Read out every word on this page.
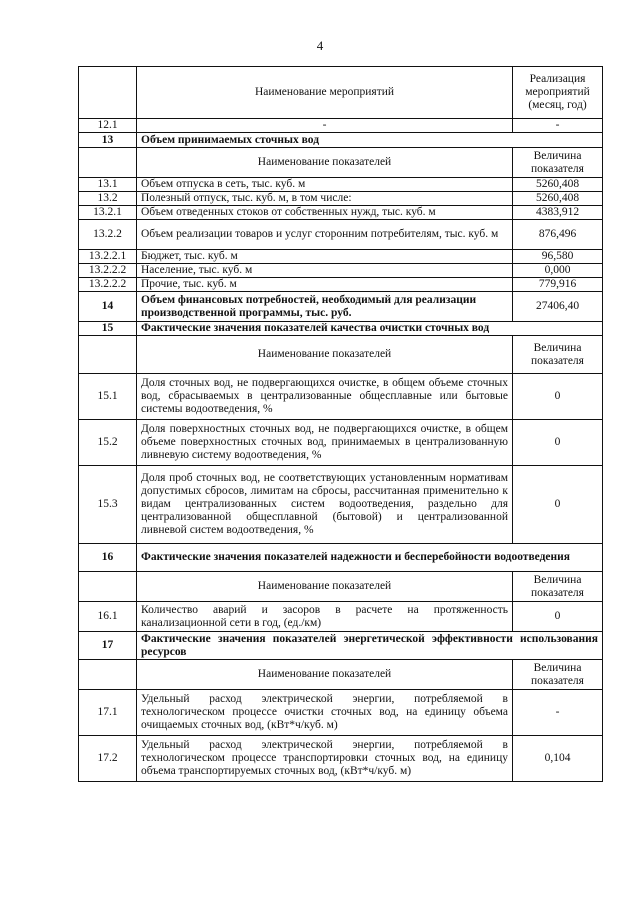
4
	Наименование мероприятий	Реализация мероприятий (месяц, год)
12.1	-	-
13	Объем принимаемых сточных вод	
	Наименование показателей	Величина показателя
13.1	Объем отпуска в сеть, тыс. куб. м	5260,408
13.2	Полезный отпуск, тыс. куб. м, в том числе:	5260,408
13.2.1	Объем отведенных стоков от собственных нужд, тыс. куб. м	4383,912
13.2.2	Объем реализации товаров и услуг сторонним потребителям, тыс. куб. м	876,496
13.2.2.1	Бюджет, тыс. куб. м	96,580
13.2.2.2	Население, тыс. куб. м	0,000
13.2.2.2	Прочие, тыс. куб. м	779,916
14	Объем финансовых потребностей, необходимый для реализации производственной программы, тыс. руб.	27406,40
15	Фактические значения показателей качества очистки сточных вод	
	Наименование показателей	Величина показателя
15.1	Доля сточных вод, не подвергающихся очистке, в общем объеме сточных вод, сбрасываемых в централизованные общесплавные или бытовые системы водоотведения, %	0
15.2	Доля поверхностных сточных вод, не подвергающихся очистке, в общем объеме поверхностных сточных вод, принимаемых в централизованную ливневую систему водоотведения, %	0
15.3	Доля проб сточных вод, не соответствующих установленным нормативам допустимых сбросов, лимитам на сбросы, рассчитанная применительно к видам централизованных систем водоотведения, раздельно для централизованной общесплавной (бытовой) и централизованной ливневой систем водоотведения, %	0
16	Фактические значения показателей надежности и бесперебойности водоотведения	
	Наименование показателей	Величина показателя
16.1	Количество аварий и засоров в расчете на протяженность канализационной сети в год, (ед./км)	0
17	Фактические значения показателей энергетической эффективности использования ресурсов	
	Наименование показателей	Величина показателя
17.1	Удельный расход электрической энергии, потребляемой в технологическом процессе очистки сточных вод, на единицу объема очищаемых сточных вод, (кВт*ч/куб. м)	-
17.2	Удельный расход электрической энергии, потребляемой в технологическом процессе транспортировки сточных вод, на единицу объема транспортируемых сточных вод, (кВт*ч/куб. м)	0,104
